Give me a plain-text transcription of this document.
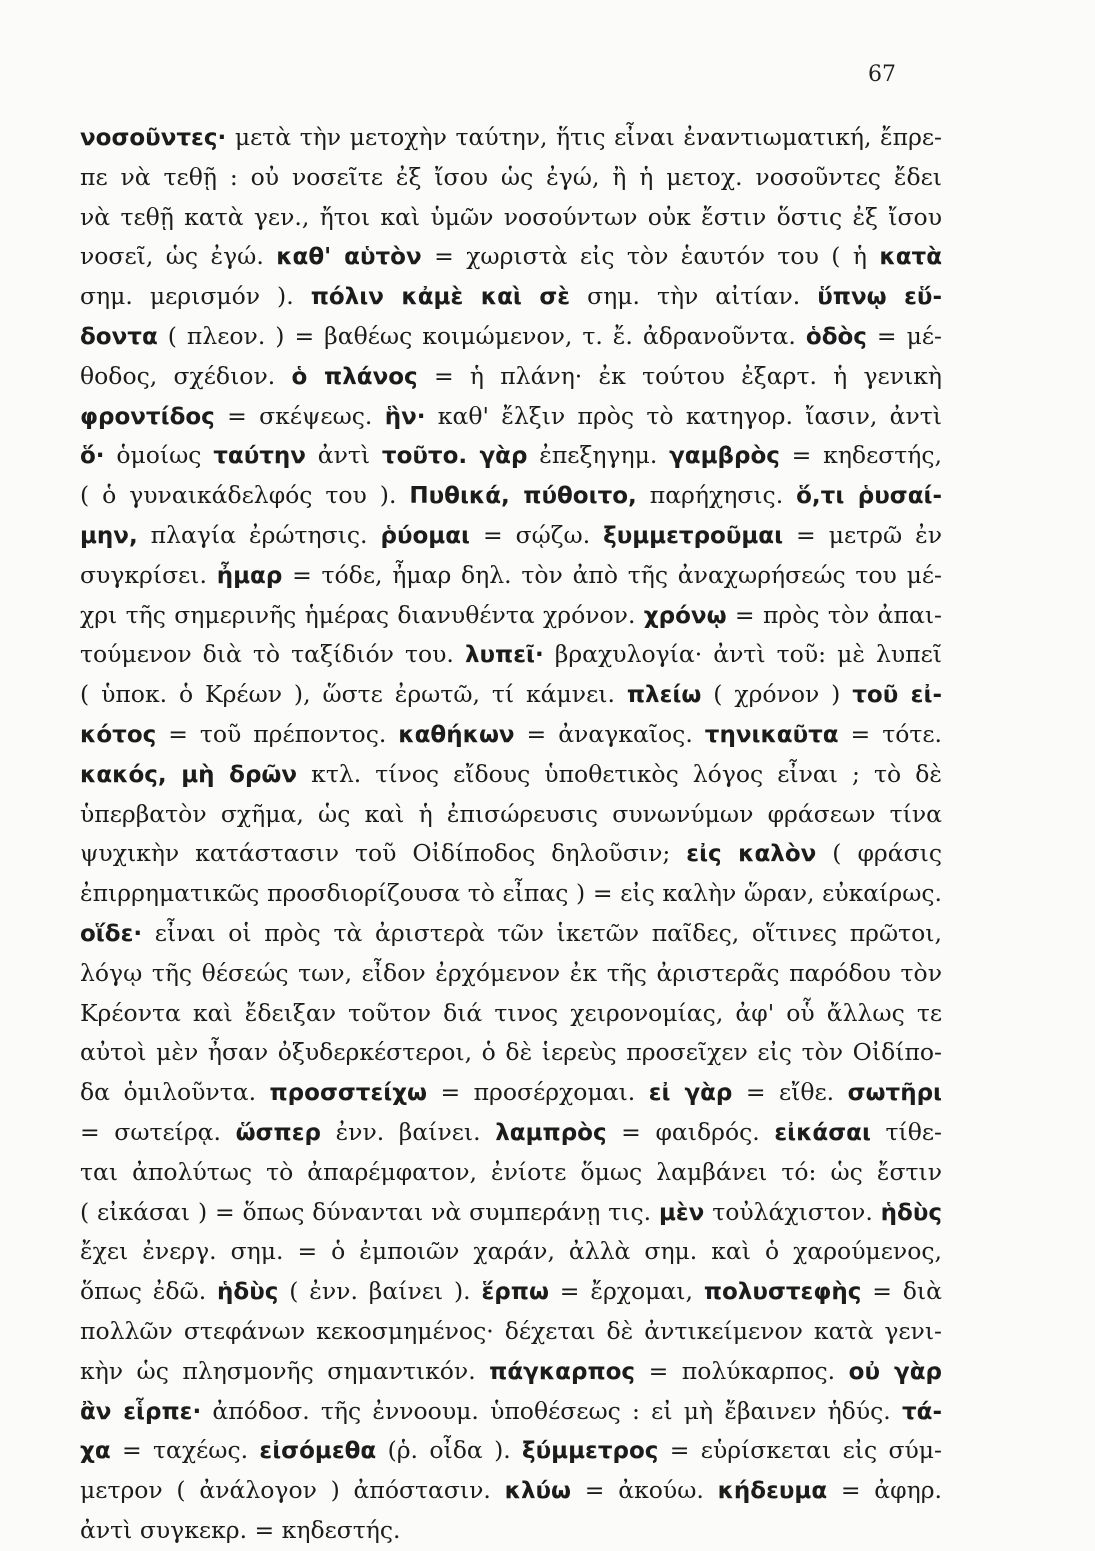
67
νοσοῦντες· μετὰ τὴν μετοχὴν ταύτην, ἥτις εἶναι ἐναντιωματική, ἔπρε-
πε νὰ τεθῇ : οὐ νοσεῖτε ἐξ ἴσου ὡς ἐγώ, ἢ ἡ μετοχ. νοσοῦντες ἔδει
νὰ τεθῇ κατὰ γεν., ἤτοι καὶ ὑμῶν νοσούντων οὐκ ἔστιν ὅστις ἐξ ἴσου
νοσεῖ, ὡς ἐγώ. καθ' αὑτὸν = χωριστὰ εἰς τὸν ἑαυτόν του ( ἡ κατὰ
σημ. μερισμόν ). πόλιν κἀμὲ καὶ σὲ σημ. τὴν αἰτίαν. ὕπνῳ εὕ-
δοντα ( πλεον. ) = βαθέως κοιμώμενον, τ. ἔ. ἀδρανοῦντα. ὁδὸς = μέ-
θοδος, σχέδιον. ὁ πλάνος = ἡ πλάνη· ἐκ τούτου ἐξαρτ. ἡ γενικὴ
φροντίδος = σκέψεως. ἣν· καθ' ἔλξιν πρὸς τὸ κατηγορ. ἴασιν, ἀντὶ
ὅ· ὁμοίως ταύτην ἀντὶ τοῦτο. γὰρ ἐπεξηγημ. γαμβρὸς = κηδεστής,
( ὁ γυναικάδελφός του ). Πυθικά, πύθοιτο, παρήχησις. ὅ,τι ῥυσαί-
μην, πλαγία ἐρώτησις. ῥύομαι = σῴζω. ξυμμετροῦμαι = μετρῶ ἐν
συγκρίσει. ἦμαρ = τόδε, ἦμαρ δηλ. τὸν ἀπὸ τῆς ἀναχωρήσεώς του μέ-
χρι τῆς σημερινῆς ἡμέρας διανυθέντα χρόνον. χρόνῳ = πρὸς τὸν ἀπαι-
τούμενον διὰ τὸ ταξίδιόν του. λυπεῖ· βραχυλογία· ἀντὶ τοῦ: μὲ λυπεῖ
( ὑποκ. ὁ Κρέων ), ὥστε ἐρωτῶ, τί κάμνει. πλείω ( χρόνον ) τοῦ εἰ-
κότος = τοῦ πρέποντος. καθήκων = ἀναγκαῖος. τηνικαῦτα = τότε.
κακός, μὴ δρῶν κτλ. τίνος εἴδους ὑποθετικὸς λόγος εἶναι ; τὸ δὲ
ὑπερβατὸν σχῆμα, ὡς καὶ ἡ ἐπισώρευσις συνωνύμων φράσεων τίνα
ψυχικὴν κατάστασιν τοῦ Οἰδίποδος δηλοῦσιν; εἰς καλὸν ( φράσις
ἐπιρρηματικῶς προσδιορίζουσα τὸ εἶπας ) = εἰς καλὴν ὥραν, εὐκαίρως.
οἵδε· εἶναι οἱ πρὸς τὰ ἀριστερὰ τῶν ἱκετῶν παῖδες, οἵτινες πρῶτοι,
λόγῳ τῆς θέσεώς των, εἶδον ἐρχόμενον ἐκ τῆς ἀριστερᾶς παρόδου τὸν
Κρέοντα καὶ ἔδειξαν τοῦτον διά τινος χειρονομίας, ἀφ' οὗ ἄλλως τε
αὐτοὶ μὲν ἦσαν ὀξυδερκέστεροι, ὁ δὲ ἱερεὺς προσεῖχεν εἰς τὸν Οἰδίπο-
δα ὁμιλοῦντα. προσστείχω = προσέρχομαι. εἰ γὰρ = εἴθε. σωτῆρι
= σωτείρᾳ. ὥσπερ ἐνν. βαίνει. λαμπρὸς = φαιδρός. εἰκάσαι τίθε-
ται ἀπολύτως τὸ ἀπαρέμφατον, ἐνίοτε ὅμως λαμβάνει τό: ὡς ἔστιν
( εἰκάσαι ) = ὅπως δύνανται νὰ συμπεράνῃ τις. μὲν τοὐλάχιστον. ἡδὺς
ἔχει ἐνεργ. σημ. = ὁ ἐμποιῶν χαράν, ἀλλὰ σημ. καὶ ὁ χαρούμενος,
ὅπως ἐδῶ. ἡδὺς ( ἐνν. βαίνει ). ἕρπω = ἔρχομαι, πολυστεφὴς = διὰ
πολλῶν στεφάνων κεκοσμημένος· δέχεται δὲ ἀντικείμενον κατὰ γενι-
κὴν ὡς πλησμονῆς σημαντικόν. πάγκαρπος = πολύκαρπος. οὐ γὰρ
ἂν εἷρπε· ἀπόδοσ. τῆς ἐννοουμ. ὑποθέσεως : εἰ μὴ ἔβαινεν ἡδύς. τά-
χα = ταχέως. εἰσόμεθα (ῥ. οἶδα ). ξύμμετρος = εὑρίσκεται εἰς σύμ-
μετρον ( ἀνάλογον ) ἀπόστασιν. κλύω = ἀκούω. κήδευμα = ἀφηρ.
ἀντὶ συγκεκρ. = κηδεστής.
